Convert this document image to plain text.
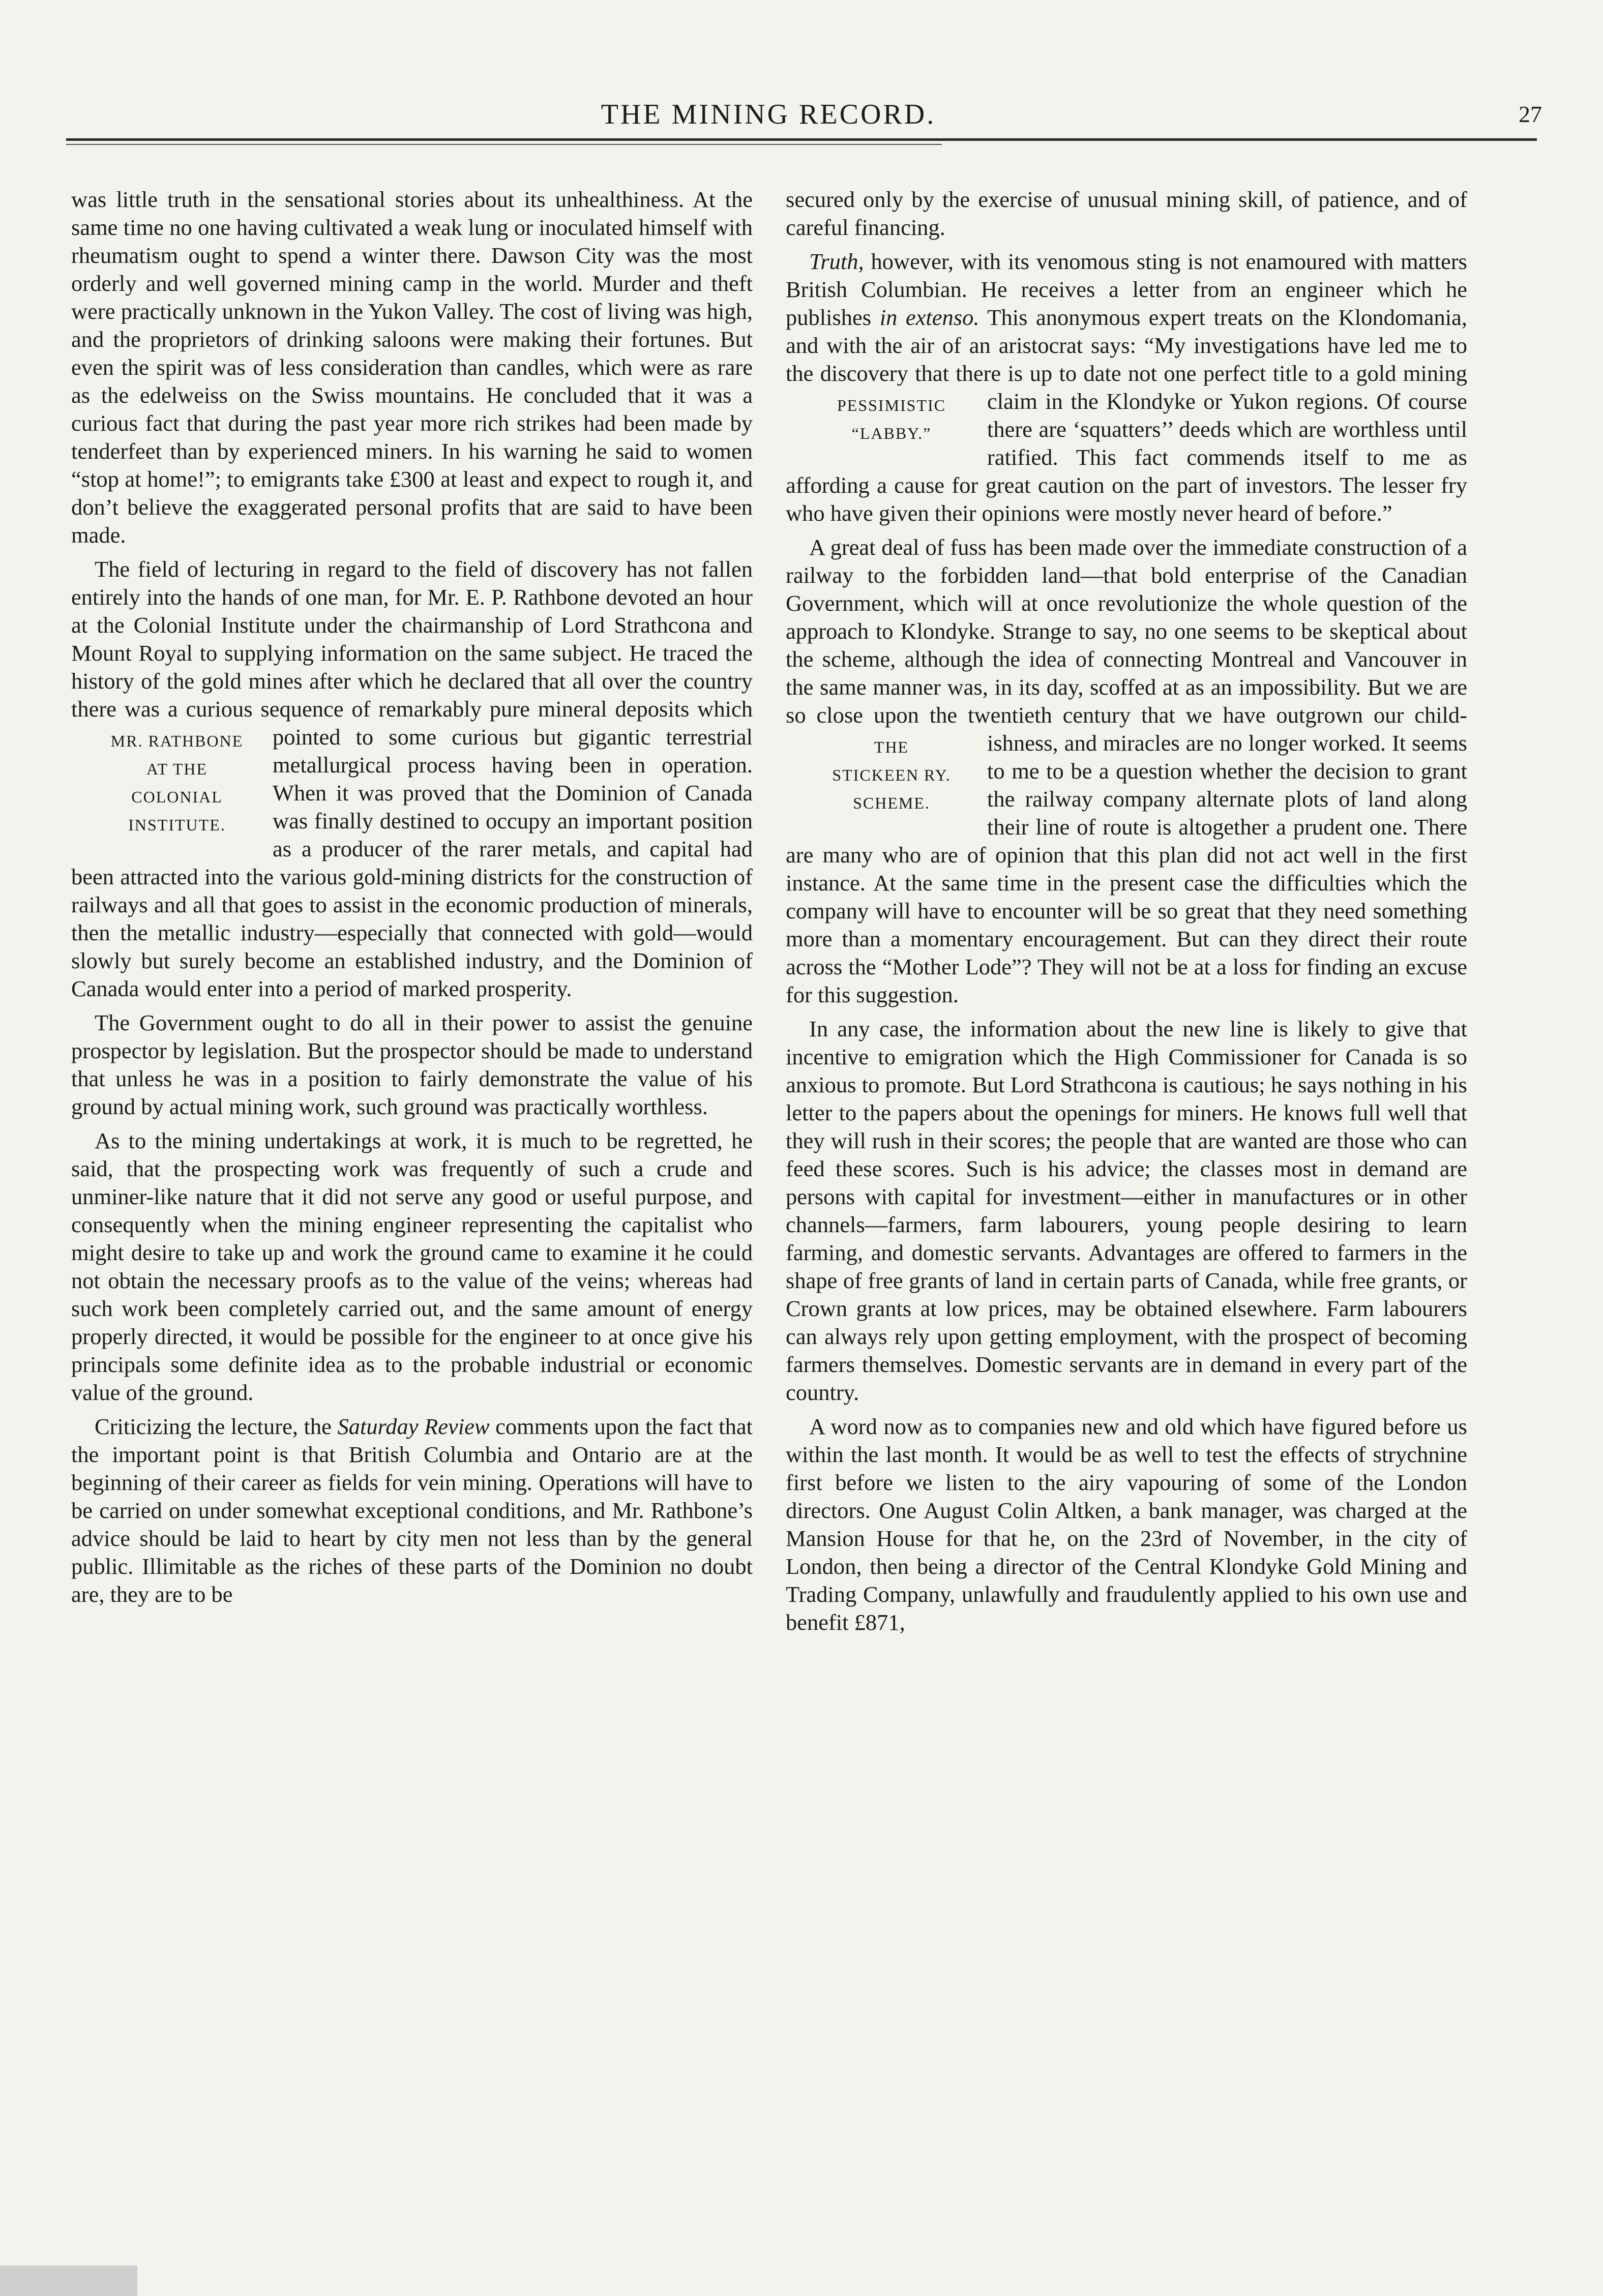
THE MINING RECORD.	27

was little truth in the sensational stories about its unhealthiness. At the same time no one having cultivated a weak lung or inoculated himself with rheumatism ought to spend a winter there. Dawson City was the most orderly and well governed mining camp in the world. Murder and theft were practically unknown in the Yukon Valley. The cost of living was high, and the proprietors of drinking saloons were making their fortunes. But even the spirit was of less consideration than candles, which were as rare as the edelweiss on the Swiss mountains. He concluded that it was a curious fact that during the past year more rich strikes had been made by tenderfeet than by experienced miners. In his warning he said to women “stop at home!”; to emigrants take £300 at least and expect to rough it, and don’t believe the exaggerated personal profits that are said to have been made.

The field of lecturing in regard to the field of discovery has not fallen entirely into the hands of one man, for Mr. E. P. Rathbone devoted an hour at the Colonial Institute under the chairmanship of Lord Strathcona and Mount Royal to supplying information on the same subject. He traced the history of the gold mines after which he declared that all over the country there was a curious sequence of remarkably pure mineral deposits which pointed to some
MR. RATHBONE
AT THE
COLONIAL
INSTITUTE.
curious but gigantic terrestrial metallurgical process having been in operation. When it was proved that the Dominion of Canada was finally destined to occupy an important position as a producer of the rarer metals, and capital had been attracted into the various gold-mining districts for the construction of railways and all that goes to assist in the economic production of minerals, then the metallic industry—especially that connected with gold—would slowly but surely become an established industry, and the Dominion of Canada would enter into a period of marked prosperity.

The Government ought to do all in their power to assist the genuine prospector by legislation. But the prospector should be made to understand that unless he was in a position to fairly demonstrate the value of his ground by actual mining work, such ground was practically worthless.

As to the mining undertakings at work, it is much to be regretted, he said, that the prospecting work was frequently of such a crude and unminer-like nature that it did not serve any good or useful purpose, and consequently when the mining engineer representing the capitalist who might desire to take up and work the ground came to examine it he could not obtain the necessary proofs as to the value of the veins; whereas had such work been completely carried out, and the same amount of energy properly directed, it would be possible for the engineer to at once give his principals some definite idea as to the probable industrial or economic value of the ground.

Criticizing the lecture, the Saturday Review comments upon the fact that the important point is that British Columbia and Ontario are at the beginning of their career as fields for vein mining. Operations will have to be carried on under somewhat exceptional conditions, and Mr. Rathbone’s advice should be laid to heart by city men not less than by the general public. Illimitable as the riches of these parts of the Dominion no doubt are, they are to be

secured only by the exercise of unusual mining skill, of patience, and of careful financing.

Truth, however, with its venomous sting is not enamoured with matters British Columbian. He receives a letter from an engineer which he publishes in extenso. This anonymous expert treats on the Klondomania, and with the air of an aristocrat says: “My investigations have led me to the discovery that there is up to date not one perfect title to a gold
PESSIMISTIC
“LABBY.”
mining claim in the Klondyke or Yukon regions. Of course there are ‘squatters’’ deeds which are worthless until ratified. This fact commends itself to me as affording a cause for great caution on the part of investors. The lesser fry who have given their opinions were mostly never heard of before.”

A great deal of fuss has been made over the immediate construction of a railway to the forbidden land—that bold enterprise of the Canadian Government, which will at once revolutionize the whole question of the approach to Klondyke. Strange to say, no one seems to be skeptical about the scheme, although the idea of connecting Montreal and Vancouver in the same manner was, in its day, scoffed at as an impossibility. But we are so close upon the twentieth century that we have outgrown our child-
THE
STICKEEN RY.
SCHEME.
ishness, and miracles are no longer worked. It seems to me to be a question whether the decision to grant the railway company alternate plots of land along their line of route is altogether a prudent one. There are many who are of opinion that this plan did not act well in the first instance. At the same time in the present case the difficulties which the company will have to encounter will be so great that they need something more than a momentary encouragement. But can they direct their route across the “Mother Lode”? They will not be at a loss for finding an excuse for this suggestion.

In any case, the information about the new line is likely to give that incentive to emigration which the High Commissioner for Canada is so anxious to promote. But Lord Strathcona is cautious; he says nothing in his letter to the papers about the openings for miners. He knows full well that they will rush in their scores; the people that are wanted are those who can feed these scores. Such is his advice; the classes most in demand are persons with capital for investment—either in manufactures or in other channels—farmers, farm labourers, young people desiring to learn farming, and domestic servants. Advantages are offered to farmers in the shape of free grants of land in certain parts of Canada, while free grants, or Crown grants at low prices, may be obtained elsewhere. Farm labourers can always rely upon getting employment, with the prospect of becoming farmers themselves. Domestic servants are in demand in every part of the country.

A word now as to companies new and old which have figured before us within the last month. It would be as well to test the effects of strychnine first before we listen to the airy vapouring of some of the London directors. One August Colin Altken, a bank manager, was charged at the Mansion House for that he, on the 23rd of November, in the city of London, then being a director of the Central Klondyke Gold Mining and Trading Company, unlawfully and fraudulently applied to his own use and benefit £871,
